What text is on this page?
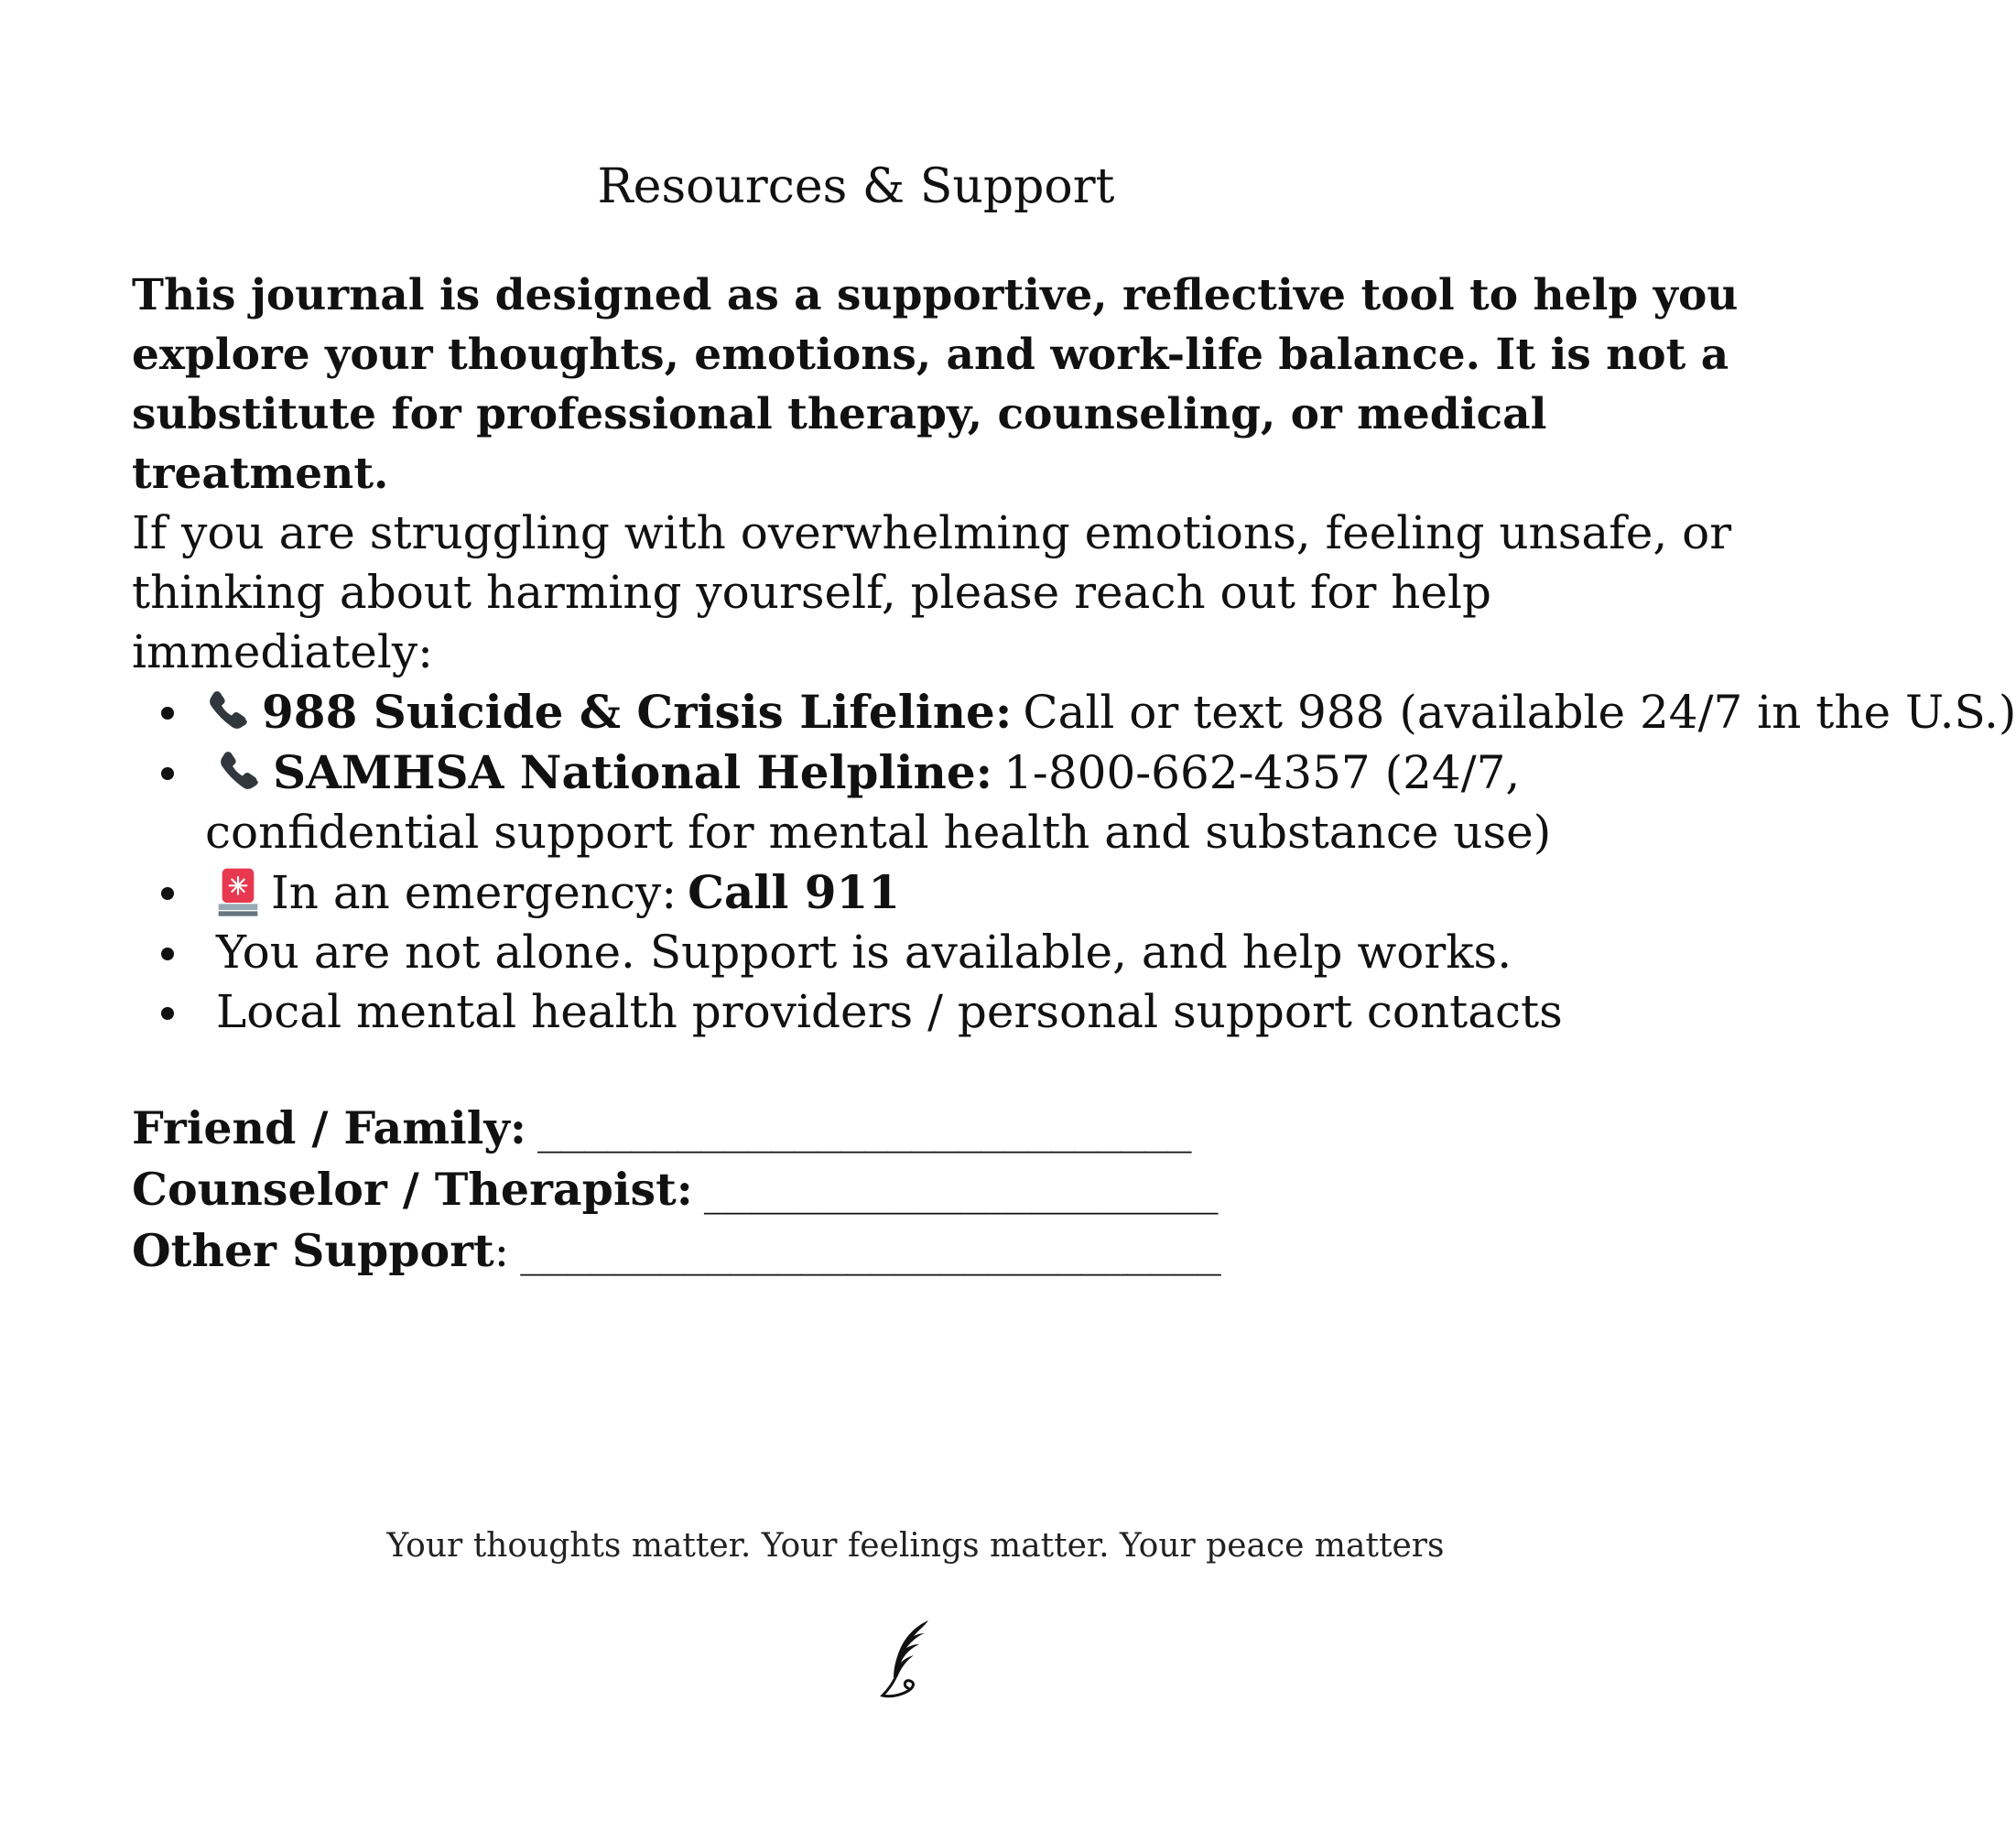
Resources & Support

This journal is designed as a supportive, reflective tool to help you explore your thoughts, emotions, and work-life balance. It is not a substitute for professional therapy, counseling, or medical treatment.

If you are struggling with overwhelming emotions, feeling unsafe, or thinking about harming yourself, please reach out for help immediately:

988 Suicide & Crisis Lifeline: Call or text 988 (available 24/7 in the U.S.)
SAMHSA National Helpline: 1-800-662-4357 (24/7, confidential support for mental health and substance use)
In an emergency: Call 911
You are not alone. Support is available, and help works.
Local mental health providers / personal support contacts
Friend / Family: ____________________________
Counselor / Therapist: ______________________
Other Support: ______________________________

Your thoughts matter. Your feelings matter. Your peace matters
